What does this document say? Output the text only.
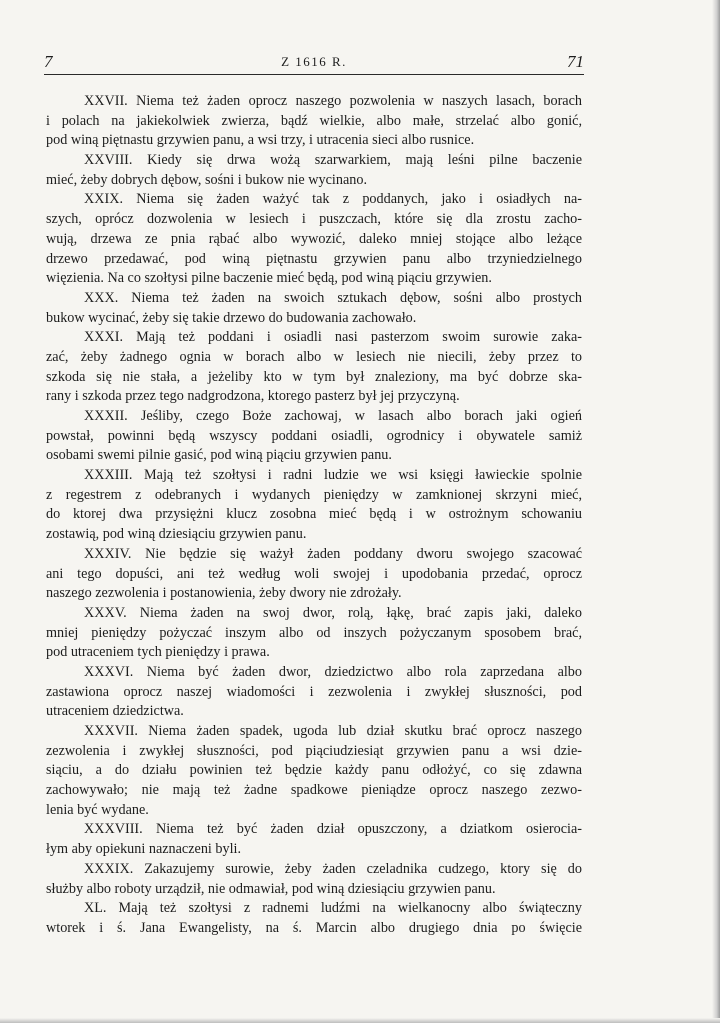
7	Z 1616 R.	71
XXVII. Niema też żaden oprocz naszego pozwolenia w naszych lasach, borach
i polach na jakiekolwiek zwierza, bądź wielkie, albo małe, strzelać albo gonić,
pod winą piętnastu grzywien panu, a wsi trzy, i utracenia sieci albo rusnice.
XXVIII. Kiedy się drwa wożą szarwarkiem, mają leśni pilne baczenie
mieć, żeby dobrych dębow, sośni i bukow nie wycinano.
XXIX. Niema się żaden ważyć tak z poddanych, jako i osiadłych na-
szych, oprócz dozwolenia w lesiech i puszczach, które się dla zrostu zacho-
wują, drzewa ze pnia rąbać albo wywozić, daleko mniej stojące albo leżące
drzewo przedawać, pod winą piętnastu grzywien panu albo trzyniedzielnego
więzienia. Na co szołtysi pilne baczenie mieć będą, pod winą piąciu grzywien.
XXX. Niema też żaden na swoich sztukach dębow, sośni albo prostych
bukow wycinać, żeby się takie drzewo do budowania zachowało.
XXXI. Mają też poddani i osiadli nasi pasterzom swoim surowie zaka-
zać, żeby żadnego ognia w borach albo w lesiech nie niecili, żeby przez to
szkoda się nie stała, a jeżeliby kto w tym był znaleziony, ma być dobrze ska-
rany i szkoda przez tego nadgrodzona, ktorego pasterz był jej przyczyną.
XXXII. Jeśliby, czego Boże zachowaj, w lasach albo borach jaki ogień
powstał, powinni będą wszyscy poddani osiadli, ogrodnicy i obywatele samiż
osobami swemi pilnie gasić, pod winą piąciu grzywien panu.
XXXIII. Mają też szołtysi i radni ludzie we wsi księgi ławieckie spolnie
z regestrem z odebranych i wydanych pieniędzy w zamknionej skrzyni mieć,
do ktorej dwa przysiężni klucz zosobna mieć będą i w ostrożnym schowaniu
zostawią, pod winą dziesiąciu grzywien panu.
XXXIV. Nie będzie się ważył żaden poddany dworu swojego szacować
ani tego dopuści, ani też według woli swojej i upodobania przedać, oprocz
naszego zezwolenia i postanowienia, żeby dwory nie zdrożały.
XXXV. Niema żaden na swoj dwor, rolą, łąkę, brać zapis jaki, daleko
mniej pieniędzy pożyczać inszym albo od inszych pożyczanym sposobem brać,
pod utraceniem tych pieniędzy i prawa.
XXXVI. Niema być żaden dwor, dziedzictwo albo rola zaprzedana albo
zastawiona oprocz naszej wiadomości i zezwolenia i zwykłej słuszności, pod
utraceniem dziedzictwa.
XXXVII. Niema żaden spadek, ugoda lub dział skutku brać oprocz naszego
zezwolenia i zwykłej słuszności, pod piąciudziesiąt grzywien panu a wsi dzie-
siąciu, a do działu powinien też będzie każdy panu odłożyć, co się zdawna
zachowywało; nie mają też żadne spadkowe pieniądze oprocz naszego zezwo-
lenia być wydane.
XXXVIII. Niema też być żaden dział opuszczony, a dziatkom osierocia-
łym aby opiekuni naznaczeni byli.
XXXIX. Zakazujemy surowie, żeby żaden czeladnika cudzego, ktory się do
służby albo roboty urządził, nie odmawiał, pod winą dziesiąciu grzywien panu.
XL. Mają też szołtysi z radnemi ludźmi na wielkanocny albo świąteczny
wtorek i ś. Jana Ewangelisty, na ś. Marcin albo drugiego dnia po święcie
